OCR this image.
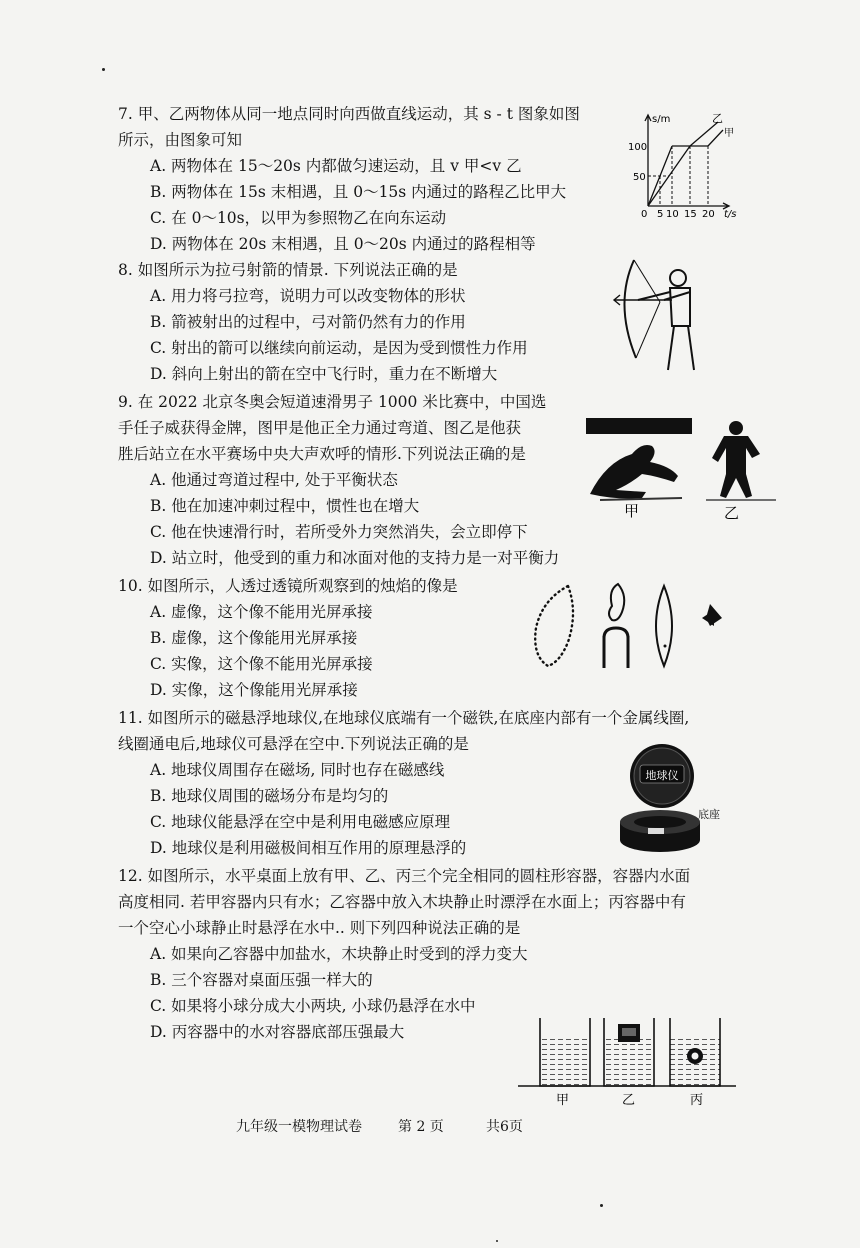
7. 甲、乙两物体从同一地点同时向西做直线运动，其 s - t 图象如图
所示，由图象可知
A. 两物体在 15～20s 内都做匀速运动，且 v 甲<v 乙
B. 两物体在 15s 末相遇，且 0～15s 内通过的路程乙比甲大
C. 在 0～10s，以甲为参照物乙在向东运动
D. 两物体在 20s 末相遇，且 0～20s 内通过的路程相等
s/m
t/s
100
50
0 5 10 15 20
乙
甲
8. 如图所示为拉弓射箭的情景. 下列说法正确的是
A. 用力将弓拉弯，说明力可以改变物体的形状
B. 箭被射出的过程中，弓对箭仍然有力的作用
C. 射出的箭可以继续向前运动，是因为受到惯性力作用
D. 斜向上射出的箭在空中飞行时，重力在不断增大
9. 在 2022 北京冬奥会短道速滑男子 1000 米比赛中，中国选
手任子威获得金牌，图甲是他正全力通过弯道、图乙是他获
胜后站立在水平赛场中央大声欢呼的情形.下列说法正确的是
A. 他通过弯道过程中, 处于平衡状态
B. 他在加速冲刺过程中，惯性也在增大
C. 他在快速滑行时，若所受外力突然消失，会立即停下
D. 站立时，他受到的重力和冰面对他的支持力是一对平衡力
甲	乙
10. 如图所示，人透过透镜所观察到的烛焰的像是
A. 虚像，这个像不能用光屏承接
B. 虚像，这个像能用光屏承接
C. 实像，这个像不能用光屏承接
D. 实像，这个像能用光屏承接
11. 如图所示的磁悬浮地球仪,在地球仪底端有一个磁铁,在底座内部有一个金属线圈,
线圈通电后,地球仪可悬浮在空中.下列说法正确的是
A. 地球仪周围存在磁场, 同时也存在磁感线
B. 地球仪周围的磁场分布是均匀的
C. 地球仪能悬浮在空中是利用电磁感应原理
D. 地球仪是利用磁极间相互作用的原理悬浮的
地球仪
底座
12. 如图所示，水平桌面上放有甲、乙、丙三个完全相同的圆柱形容器，容器内水面
高度相同. 若甲容器内只有水；乙容器中放入木块静止时漂浮在水面上；丙容器中有
一个空心小球静止时悬浮在水中.. 则下列四种说法正确的是
A. 如果向乙容器中加盐水，木块静止时受到的浮力变大
B. 三个容器对桌面压强一样大的
C. 如果将小球分成大小两块, 小球仍悬浮在水中
D. 丙容器中的水对容器底部压强最大
甲	乙	丙
九年级一模物理试卷	第 2 页	共6页
